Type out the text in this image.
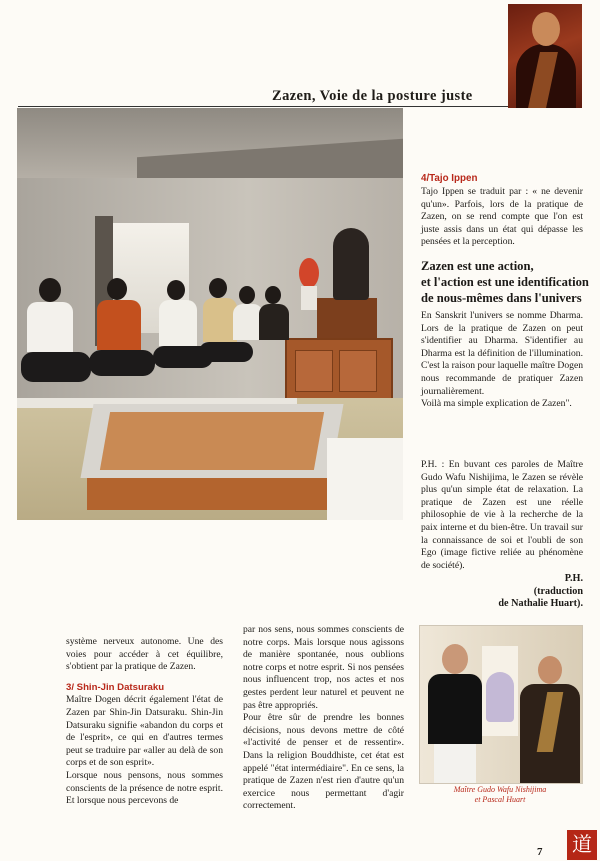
Zazen, Voie de la posture juste
4/Tajo Ippen

Tajo Ippen se traduit par : « ne devenir qu'un». Parfois, lors de la pratique de Zazen, on se rend compte que l'on est juste assis dans un état qui dépasse les pensées et la perception.

Zazen est une action,
et l'action est une identification
de nous-mêmes dans l'univers

En Sanskrit l'univers se nomme Dharma. Lors de la pratique de Zazen on peut s'identifier au Dharma. S'identifier au Dharma est la définition de l'illumination. C'est la raison pour laquelle maître Dogen nous recommande de pratiquer Zazen journalièrement.

Voilà ma simple explication de Zazen".

P.H. : En buvant ces paroles de Maître Gudo Wafu Nishijima, le Zazen se révèle plus qu'un simple état de relaxation. La pratique de Zazen est une réelle philosophie de vie à la recherche de la paix interne et du bien-être. Un travail sur la connaissance de soi et l'oubli de son Ego (image fictive reliée au phénomène de société).

P.H.
(traduction
de Nathalie Huart).

système nerveux autonome. Une des voies pour accéder à cet équilibre, s'obtient par la pratique de Zazen.

3/ Shin-Jin Datsuraku

Maître Dogen décrit également l'état de Zazen par Shin-Jin Datsuraku. Shin-Jin Datsuraku signifie «abandon du corps et de l'esprit», ce qui en d'autres termes peut se traduire par «aller au delà de son corps et de son esprit».

Lorsque nous pensons, nous sommes conscients de la présence de notre esprit. Et lorsque nous percevons de

par nos sens, nous sommes conscients de notre corps. Mais lorsque nous agissons de manière spontanée, nous oublions notre corps et notre esprit. Si nos pensées nous influencent trop, nos actes et nos gestes perdent leur naturel et peuvent ne pas être appropriés.

Pour être sûr de prendre les bonnes décisions, nous devons mettre de côté «l'activité de penser et de ressentir». Dans la religion Bouddhiste, cet état est appelé "état intermédiaire". En ce sens, la pratique de Zazen n'est rien d'autre qu'un exercice nous permettant d'agir correctement.

Maître Gudo Wafu Nishijima
et Pascal Huart
7 道
